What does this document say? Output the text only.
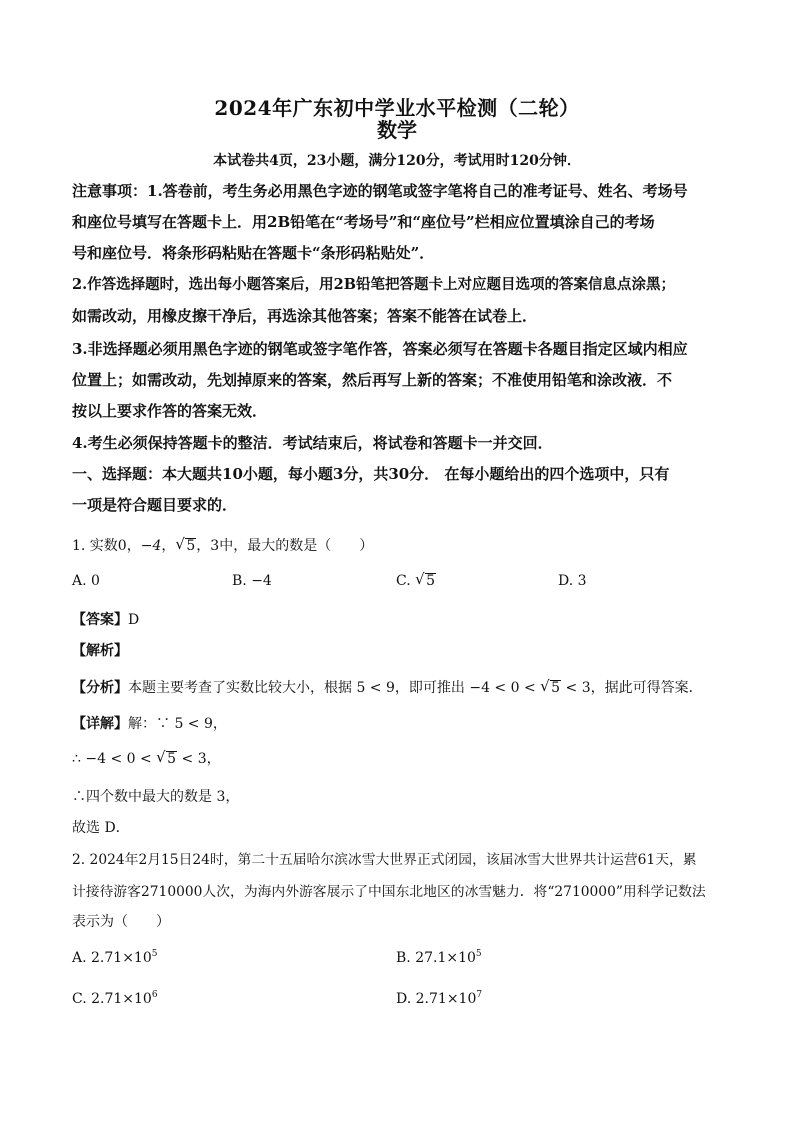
2024年广东初中学业水平检测（二轮）
数学
本试卷共4页，23小题，满分120分，考试用时120分钟．
注意事项：1.答卷前，考生务必用黑色字迹的钢笔或签字笔将自己的准考证号、姓名、考场号
和座位号填写在答题卡上．用2B铅笔在“考场号”和“座位号”栏相应位置填涂自己的考场
号和座位号．将条形码粘贴在答题卡“条形码粘贴处”．
2.作答选择题时，选出每小题答案后，用2B铅笔把答题卡上对应题目选项的答案信息点涂黑；
如需改动，用橡皮擦干净后，再选涂其他答案；答案不能答在试卷上．
3.非选择题必须用黑色字迹的钢笔或签字笔作答，答案必须写在答题卡各题目指定区域内相应
位置上；如需改动，先划掉原来的答案，然后再写上新的答案；不准使用铅笔和涂改液．不
按以上要求作答的答案无效．
4.考生必须保持答题卡的整洁．考试结束后，将试卷和答题卡一并交回．
一、选择题：本大题共10小题，每小题3分，共30分． 在每小题给出的四个选项中，只有
一项是符合题目要求的．
1. 实数0，−4，√ 5，3中，最大的数是（　　）
A. 0	B. −4	C. √ 5	D. 3
【答案】D
【解析】
【分析】本题主要考查了实数比较大小，根据 5 < 9，即可推出 −4 < 0 < √ 5 < 3，据此可得答案．
【详解】解：∵ 5 < 9，
∴ −4 < 0 < √ 5 < 3，
∴四个数中最大的数是 3，
故选 D．
2. 2024年2月15日24时，第二十五届哈尔滨冰雪大世界正式闭园，该届冰雪大世界共计运营61天，累
计接待游客2710000人次，为海内外游客展示了中国东北地区的冰雪魅力．将“2710000”用科学记数法
表示为（　　）
A. $2.71\times 10^5$	B. $27.1\times 10^5$
C. $2.71\times 10^6$	D. $2.71\times 10^7$
